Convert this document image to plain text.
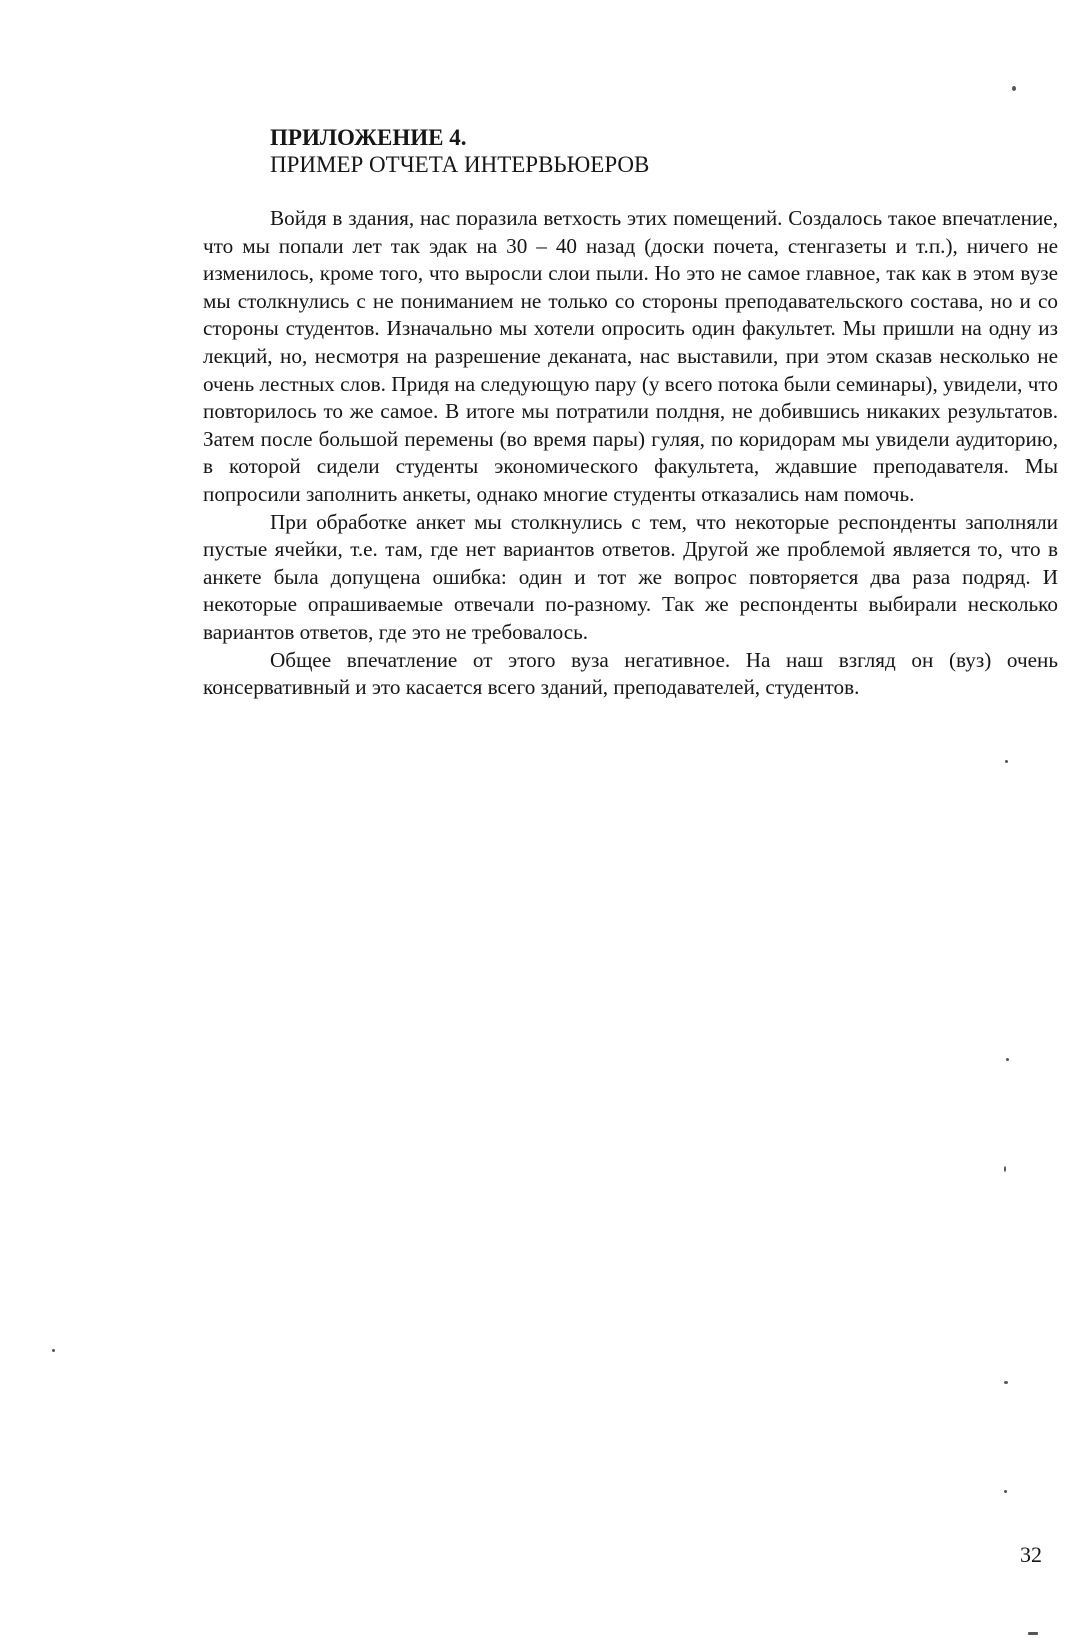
ПРИЛОЖЕНИЕ 4.
ПРИМЕР ОТЧЕТА ИНТЕРВЬЮЕРОВ

Войдя в здания, нас поразила ветхость этих помещений. Создалось такое впечатление, что мы попали лет так эдак на 30 – 40 назад (доски почета, стенгазеты и т.п.), ничего не изменилось, кроме того, что выросли слои пыли. Но это не самое главное, так как в этом вузе мы столкнулись с не пониманием не только со стороны преподавательского состава, но и со стороны студентов. Изначально мы хотели опросить один факультет. Мы пришли на одну из лекций, но, несмотря на разрешение деканата, нас выставили, при этом сказав несколько не очень лестных слов. Придя на следующую пару (у всего потока были семинары), увидели, что повторилось то же самое. В итоге мы потратили полдня, не добившись никаких результатов. Затем после большой перемены (во время пары) гуляя, по коридорам мы увидели аудиторию, в которой сидели студенты экономического факультета, ждавшие преподавателя. Мы попросили заполнить анкеты, однако многие студенты отказались нам помочь.

При обработке анкет мы столкнулись с тем, что некоторые респонденты заполняли пустые ячейки, т.е. там, где нет вариантов ответов. Другой же проблемой является то, что в анкете была допущена ошибка: один и тот же вопрос повторяется два раза подряд. И некоторые опрашиваемые отвечали по-разному. Так же респонденты выбирали несколько вариантов ответов, где это не требовалось.

Общее впечатление от этого вуза негативное. На наш взгляд он (вуз) очень консервативный и это касается всего зданий, преподавателей, студентов.

32
